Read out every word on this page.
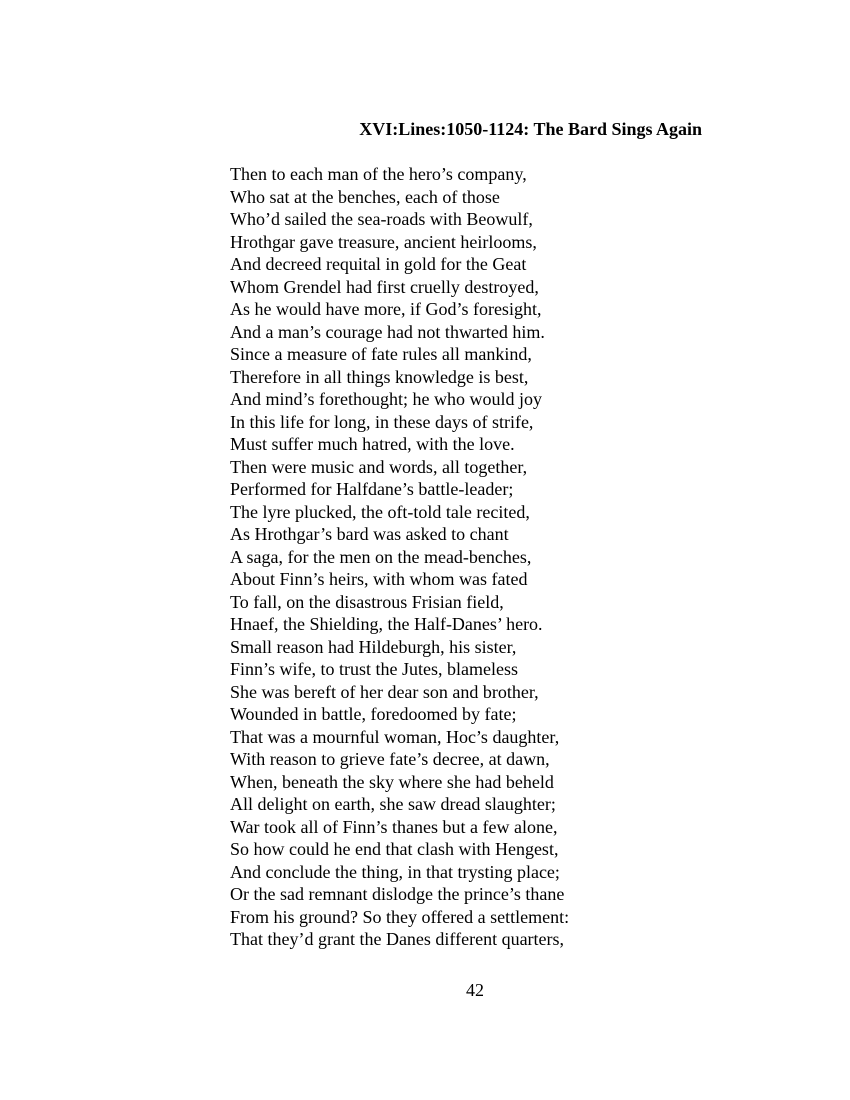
XVI:Lines:1050-1124: The Bard Sings Again
Then to each man of the hero’s company,
Who sat at the benches, each of those
Who’d sailed the sea-roads with Beowulf,
Hrothgar gave treasure, ancient heirlooms,
And decreed requital in gold for the Geat
Whom Grendel had first cruelly destroyed,
As he would have more, if God’s foresight,
And a man’s courage had not thwarted him.
Since a measure of fate rules all mankind,
Therefore in all things knowledge is best,
And mind’s forethought; he who would joy
In this life for long, in these days of strife,
Must suffer much hatred, with the love.
Then were music and words, all together,
Performed for Halfdane’s battle-leader;
The lyre plucked, the oft-told tale recited,
As Hrothgar’s bard was asked to chant
A saga, for the men on the mead-benches,
About Finn’s heirs, with whom was fated
To fall, on the disastrous Frisian field,
Hnaef, the Shielding, the Half-Danes’ hero.
Small reason had Hildeburgh, his sister,
Finn’s wife, to trust the Jutes, blameless
She was bereft of her dear son and brother,
Wounded in battle, foredoomed by fate;
That was a mournful woman, Hoc’s daughter,
With reason to grieve fate’s decree, at dawn,
When, beneath the sky where she had beheld
All delight on earth, she saw dread slaughter;
War took all of Finn’s thanes but a few alone,
So how could he end that clash with Hengest,
And conclude the thing, in that trysting place;
Or the sad remnant dislodge the prince’s thane
From his ground? So they offered a settlement:
That they’d grant the Danes different quarters,
42
